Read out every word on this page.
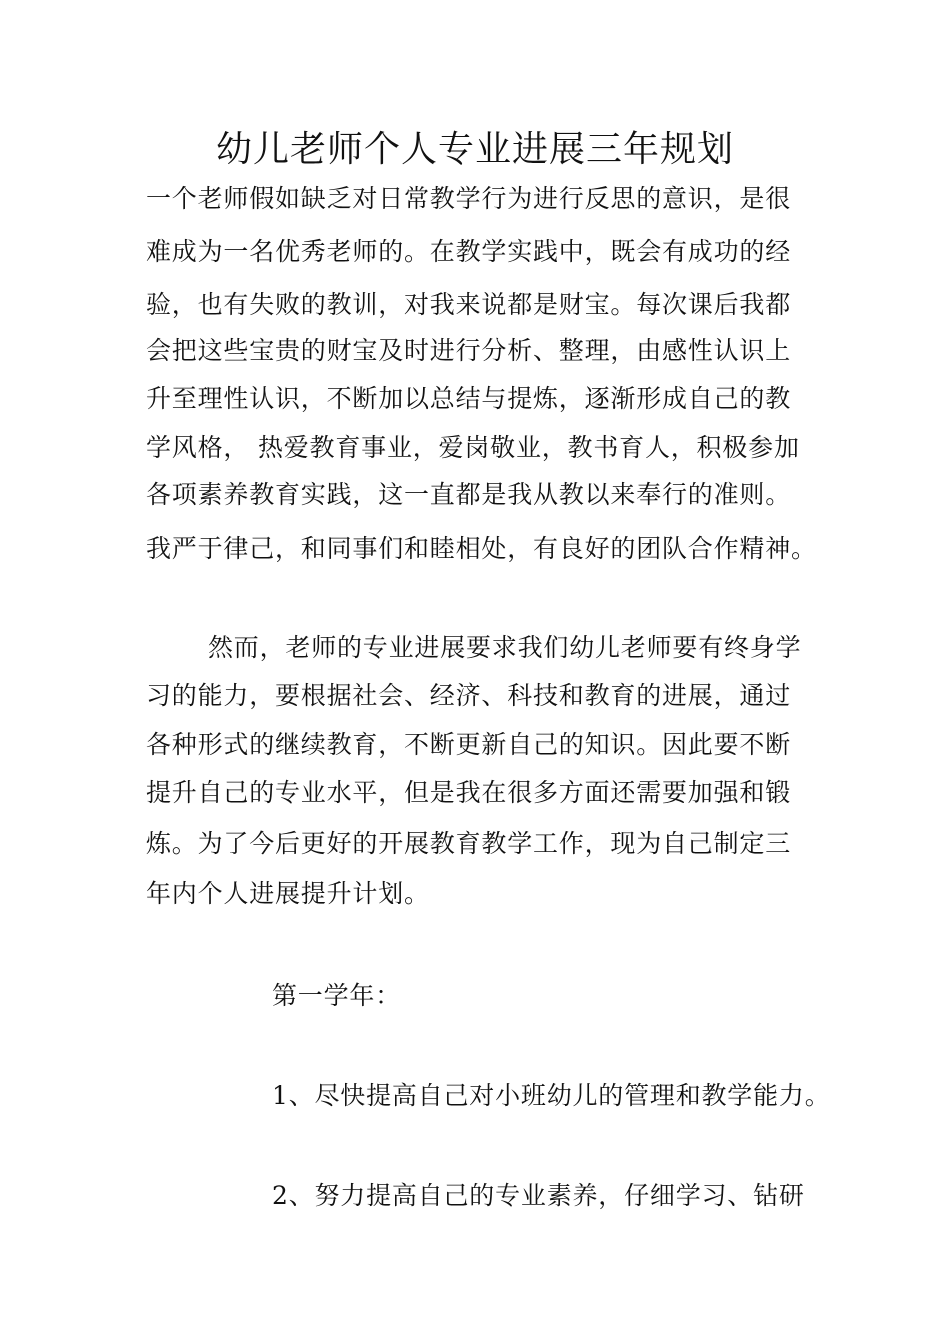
幼儿老师个人专业进展三年规划
一个老师假如缺乏对日常教学行为进行反思的意识，是很
难成为一名优秀老师的。在教学实践中，既会有成功的经
验，也有失败的教训，对我来说都是财宝。每次课后我都
会把这些宝贵的财宝及时进行分析、整理，由感性认识上
升至理性认识，不断加以总结与提炼，逐渐形成自己的教
学风格， 热爱教育事业，爱岗敬业，教书育人，积极参加
各项素养教育实践，这一直都是我从教以来奉行的准则。
我严于律己，和同事们和睦相处，有良好的团队合作精神。
然而，老师的专业进展要求我们幼儿老师要有终身学
习的能力，要根据社会、经济、科技和教育的进展，通过
各种形式的继续教育，不断更新自己的知识。因此要不断
提升自己的专业水平，但是我在很多方面还需要加强和锻
炼。为了今后更好的开展教育教学工作，现为自己制定三
年内个人进展提升计划。
第一学年：
1、尽快提高自己对小班幼儿的管理和教学能力。
2、努力提高自己的专业素养，仔细学习、钻研
